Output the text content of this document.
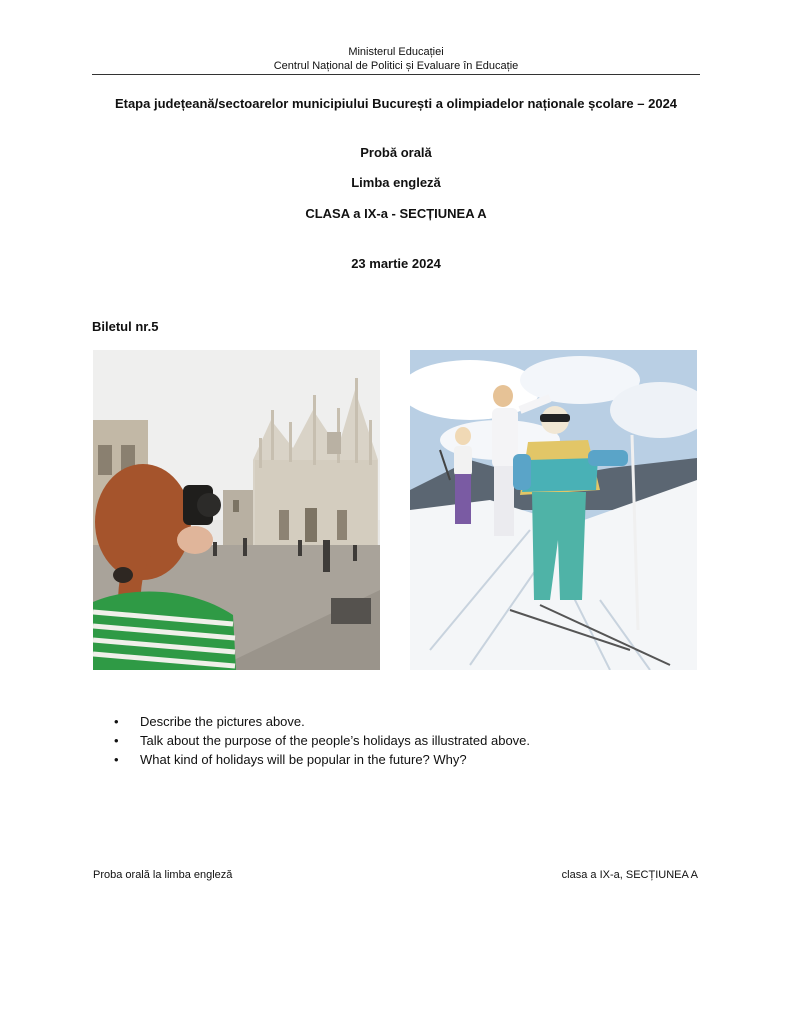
Ministerul Educației
Centrul Național de Politici și Evaluare în Educație
Etapa județeană/sectoarelor municipiului București a olimpiadelor naționale școlare – 2024
Probă orală
Limba engleză
CLASA a IX-a - SECȚIUNEA A
23 martie 2024
Biletul nr.5
• Describe the pictures above.
• Talk about the purpose of the people’s holidays as illustrated above.
• What kind of holidays will be popular in the future? Why?
Proba orală la limba engleză	clasa a IX-a, SECȚIUNEA A
